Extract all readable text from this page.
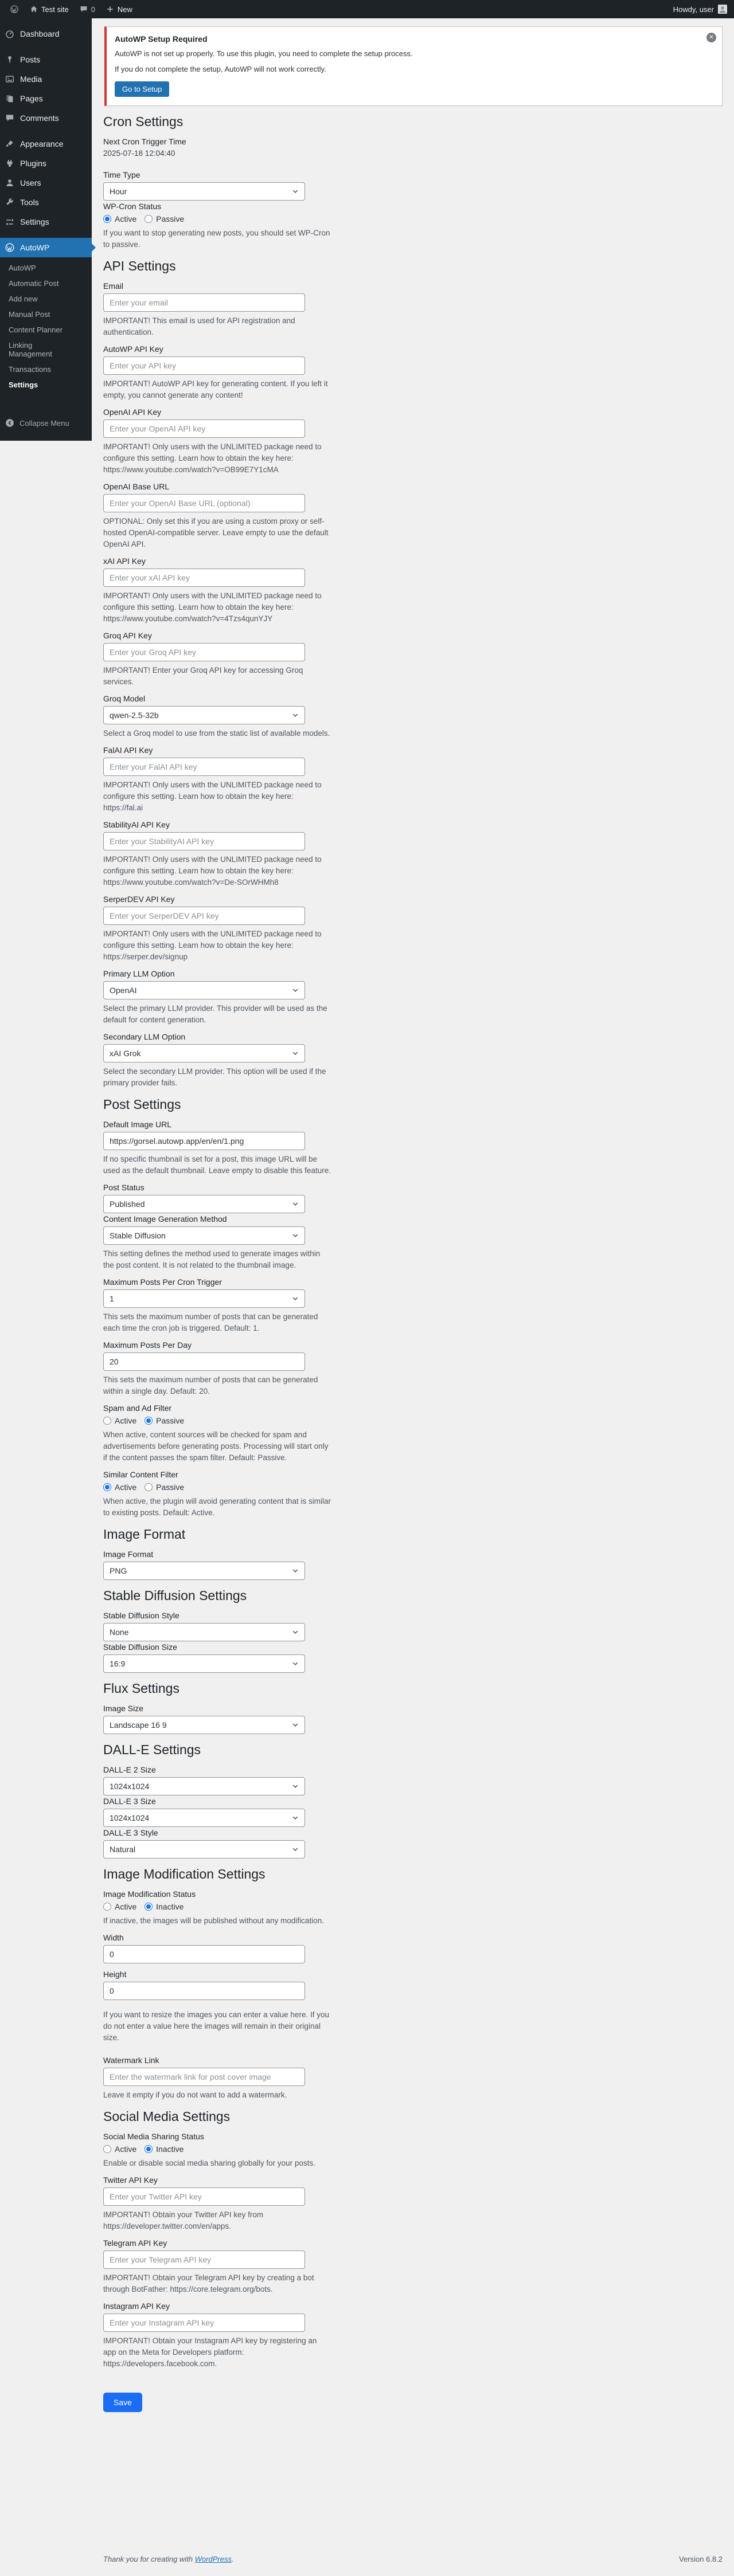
Test site	0	New	Howdy, user
Dashboard
Posts
Media
Pages
Comments
Appearance
Plugins
Users
Tools
Settings
AutoWP
AutoWP
Automatic Post
Add new
Manual Post
Content Planner
Linking Management
Transactions
Settings
Collapse Menu
AutoWP Setup Required

AutoWP is not set up properly. To use this plugin, you need to complete the setup process.

If you do not complete the setup, AutoWP will not work correctly.

Go to Setup
✕
Cron Settings
Next Cron Trigger Time
2025-07-18 12:04:40
Time Type
Hour
WP-Cron Status
Active Passive
If you want to stop generating new posts, you should set WP-Cron to passive.
API Settings
Email
Enter your email
IMPORTANT! This email is used for API registration and authentication.
AutoWP API Key
Enter your API key
IMPORTANT! AutoWP API key for generating content. If you left it empty, you cannot generate any content!
OpenAI API Key
Enter your OpenAI API key
IMPORTANT! Only users with the UNLIMITED package need to configure this setting. Learn how to obtain the key here: https://www.youtube.com/watch?v=OB99E7Y1cMA
OpenAI Base URL
Enter your OpenAI Base URL (optional)
OPTIONAL: Only set this if you are using a custom proxy or self-hosted OpenAI-compatible server. Leave empty to use the default OpenAI API.
xAI API Key
Enter your xAI API key
IMPORTANT! Only users with the UNLIMITED package need to configure this setting. Learn how to obtain the key here: https://www.youtube.com/watch?v=4Tzs4qunYJY
Groq API Key
Enter your Groq API key
IMPORTANT! Enter your Groq API key for accessing Groq services.
Groq Model
qwen-2.5-32b
Select a Groq model to use from the static list of available models.
FalAI API Key
Enter your FalAI API key
IMPORTANT! Only users with the UNLIMITED package need to configure this setting. Learn how to obtain the key here: https://fal.ai
StabilityAI API Key
Enter your StabilityAI API key
IMPORTANT! Only users with the UNLIMITED package need to configure this setting. Learn how to obtain the key here: https://www.youtube.com/watch?v=De-SOrWHMh8
SerperDEV API Key
Enter your SerperDEV API key
IMPORTANT! Only users with the UNLIMITED package need to configure this setting. Learn how to obtain the key here: https://serper.dev/signup
Primary LLM Option
OpenAI
Select the primary LLM provider. This provider will be used as the default for content generation.
Secondary LLM Option
xAI Grok
Select the secondary LLM provider. This option will be used if the primary provider fails.
Post Settings
Default Image URL
https://gorsel.autowp.app/en/en/1.png
If no specific thumbnail is set for a post, this image URL will be used as the default thumbnail. Leave empty to disable this feature.
Post Status
Published
Content Image Generation Method
Stable Diffusion
This setting defines the method used to generate images within the post content. It is not related to the thumbnail image.
Maximum Posts Per Cron Trigger
1
This sets the maximum number of posts that can be generated each time the cron job is triggered. Default: 1.
Maximum Posts Per Day
20
This sets the maximum number of posts that can be generated within a single day. Default: 20.
Spam and Ad Filter
Active Passive
When active, content sources will be checked for spam and advertisements before generating posts. Processing will start only if the content passes the spam filter. Default: Passive.
Similar Content Filter
Active Passive
When active, the plugin will avoid generating content that is similar to existing posts. Default: Active.
Image Format
Image Format
PNG
Stable Diffusion Settings
Stable Diffusion Style
None
Stable Diffusion Size
16:9
Flux Settings
Image Size
Landscape 16 9
DALL-E Settings
DALL-E 2 Size
1024x1024
DALL-E 3 Size
1024x1024
DALL-E 3 Style
Natural
Image Modification Settings
Image Modification Status
Active Inactive
If inactive, the images will be published without any modification.
Width
0
Height
0
If you want to resize the images you can enter a value here. If you do not enter a value here the images will remain in their original size.
Watermark Link
Enter the watermark link for post cover image
Leave it empty if you do not want to add a watermark.
Social Media Settings
Social Media Sharing Status
Active Inactive
Enable or disable social media sharing globally for your posts.
Twitter API Key
Enter your Twitter API key
IMPORTANT! Obtain your Twitter API key from https://developer.twitter.com/en/apps.
Telegram API Key
Enter your Telegram API key
IMPORTANT! Obtain your Telegram API key by creating a bot through BotFather: https://core.telegram.org/bots.
Instagram API Key
Enter your Instagram API key
IMPORTANT! Obtain your Instagram API key by registering an app on the Meta for Developers platform: https://developers.facebook.com.
Save
Thank you for creating with WordPress.	Version 6.8.2
